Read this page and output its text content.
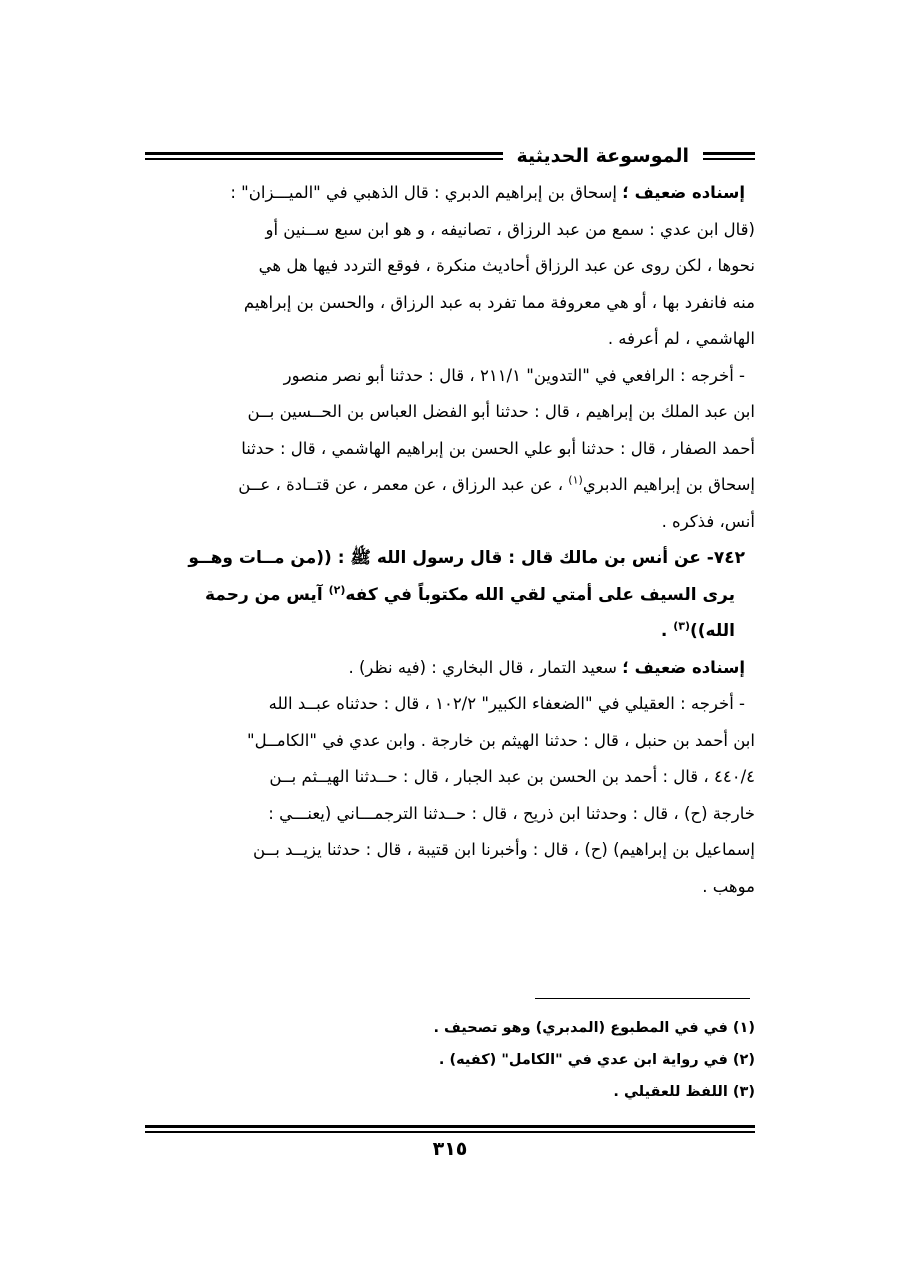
الموسوعة الحديثية

إسناده ضعيف ؛ إسحاق بن إبراهيم الدبري : قال الذهبي في "الميـــزان" :

(قال ابن عدي : سمع من عبد الرزاق ، تصانيفه ، و هو ابن سبع ســنين أو

نحوها ، لكن روى عن عبد الرزاق أحاديث منكرة ، فوقع التردد فيها هل هي

منه فانفرد بها ، أو هي معروفة مما تفرد به عبد الرزاق ، والحسن بن إبراهيم

الهاشمي ، لم أعرفه .

- أخرجه : الرافعي في "التدوين" ٢١١/١ ، قال : حدثنا أبو نصر منصور

ابن عبد الملك بن إبراهيم ، قال : حدثنا أبو الفضل العباس بن الحــسين بــن

أحمد الصفار ، قال : حدثنا أبو علي الحسن بن إبراهيم الهاشمي ، قال : حدثنا

إسحاق بن إبراهيم الدبري$^{(١)}$ ، عن عبد الرزاق ، عن معمر ، عن قتــادة ، عــن

أنس، فذكره .

٧٤٢- عن أنس بن مالك قال : قال رسول الله ﷺ : ((من مــات وهــو

يرى السيف على أمتي لقي الله مكتوباً في كفه$^{(٢)}$ آيس من رحمة

الله))$^{(٣)}$ .

إسناده ضعيف ؛ سعيد التمار ، قال البخاري : (فيه نظر) .

- أخرجه : العقيلي في "الضعفاء الكبير" ١٠٢/٢ ، قال : حدثناه عبــد الله

ابن أحمد بن حنبل ، قال : حدثنا الهيثم بن خارجة . وابن عدي في "الكامــل"

٤٤٠/٤ ، قال : أحمد بن الحسن بن عبد الجبار ، قال : حــدثنا الهيــثم بــن

خارجة (ح) ، قال : وحدثنا ابن ذريح ، قال : حــدثنا الترجمـــاني (يعنـــي :

إسماعيل بن إبراهيم) (ح) ، قال : وأخبرنا ابن قتيبة ، قال : حدثنا يزيــد بــن

موهب .

(١) في في المطبوع (المدبري) وهو تصحيف .

(٢) في رواية ابن عدي في "الكامل" (كفيه) .

(٣) اللفظ للعقيلي .

٣١٥
